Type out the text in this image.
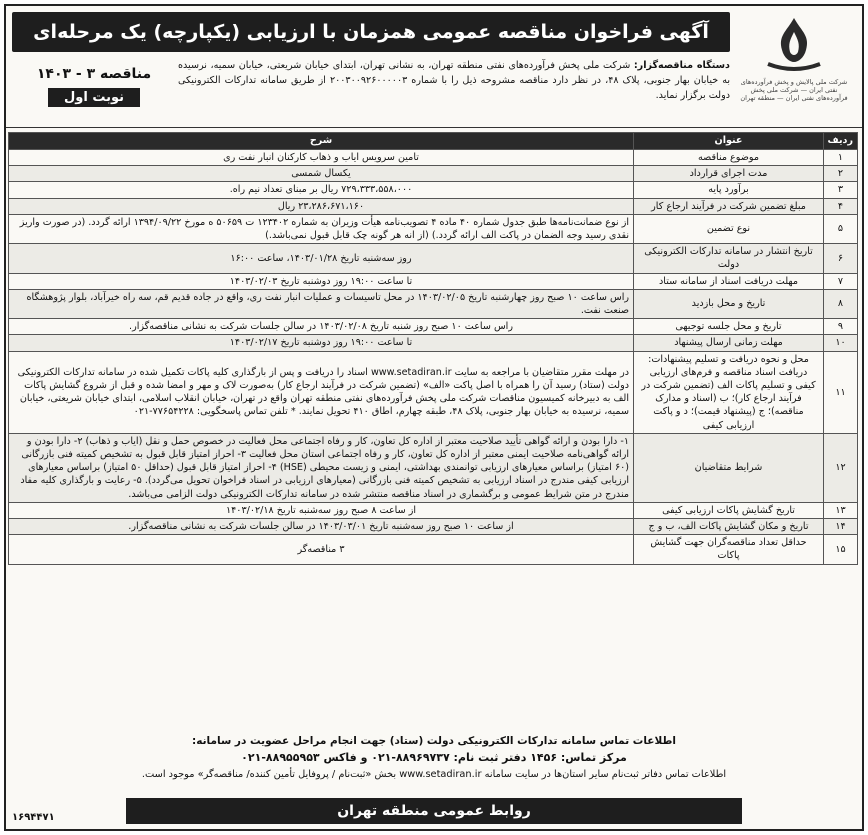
شرکت ملی پالایش و پخش فرآورده‌های نفتی ایران — شرکت ملی پخش فرآورده‌های نفتی ایران — منطقه تهران
آگهی فراخوان مناقصه عمومی همزمان با ارزیابی (یکپارچه) یک مرحله‌ای
دستگاه مناقصه‌گزار: شرکت ملی پخش فرآورده‌های نفتی منطقه تهران، به نشانی تهران، ابتدای خیابان شریعتی، خیابان سمیه، نرسیده به خیابان بهار جنوبی، پلاک ۴۸، در نظر دارد مناقصه مشروحه ذیل را با شماره ۲۰۰۳۰۰۹۲۶۰۰۰۰۰۳ از طریق سامانه تدارکات الکترونیکی دولت برگزار نماید.
مناقصه ۳ - ۱۴۰۳
نوبت اول
ردیف	عنوان	شرح
۱	موضوع مناقصه	تامین سرویس ایاب و ذهاب کارکنان انبار نفت ری
۲	مدت اجرای قرارداد	یکسال شمسی
۳	برآورد پایه	۷۲۹،۳۳۳،۵۵۸،۰۰۰ ریال بر مبنای تعداد نیم راه.
۴	مبلغ تضمین شرکت در فرآیند ارجاع کار	۲۳،۲۸۶،۶۷۱،۱۶۰ ریال
۵	نوع تضمین	از نوع ضمانت‌نامه‌ها طبق جدول شماره ۴۰ ماده ۴ تصویب‌نامه هیأت وزیران به شماره ۱۲۳۴۰۲ ت ۵۰۶۵۹ ه مورخ ۱۳۹۴/۰۹/۲۲ ارائه گردد. (در صورت واریز نقدی رسید وجه الضمان در پاکت الف ارائه گردد.) (از انه هر گونه چک قابل قبول نمی‌باشد.)
۶	تاریخ انتشار در سامانه تدارکات الکترونیکی دولت	روز سه‌شنبه تاریخ ۱۴۰۳/۰۱/۲۸، ساعت ۱۶:۰۰
۷	مهلت دریافت اسناد از سامانه ستاد	تا ساعت ۱۹:۰۰ روز دوشنبه تاریخ ۱۴۰۳/۰۲/۰۳
۸	تاریخ و محل بازدید	راس ساعت ۱۰ صبح روز چهارشنبه تاریخ ۱۴۰۳/۰۲/۰۵ در محل تاسیسات و عملیات انبار نفت ری، واقع در جاده قدیم قم، سه راه خیرآباد، بلوار پژوهشگاه صنعت نفت.
۹	تاریخ و محل جلسه توجیهی	راس ساعت ۱۰ صبح روز شنبه تاریخ ۱۴۰۳/۰۲/۰۸ در سالن جلسات شرکت به نشانی مناقصه‌گزار.
۱۰	مهلت زمانی ارسال پیشنهاد	تا ساعت ۱۹:۰۰ روز دوشنبه تاریخ ۱۴۰۳/۰۲/۱۷
۱۱	محل و نحوه دریافت و تسلیم پیشنهادات: دریافت اسناد مناقصه و فرم‌های ارزیابی کیفی و تسلیم پاکات الف (تضمین شرکت در فرآیند ارجاع کار)؛ ب (اسناد و مدارک مناقصه)؛ ج (پیشنهاد قیمت)؛ د و پاکت ارزیابی کیفی	در مهلت مقرر متقاضیان با مراجعه به سایت www.setadiran.ir اسناد را دریافت و پس از بارگذاری کلیه پاکات تکمیل شده در سامانه تدارکات الکترونیکی دولت (ستاد) رسید آن را همراه با اصل پاکت «الف» (تضمین شرکت در فرآیند ارجاع کار) به‌صورت لاک و مهر و امضا شده و قبل از شروع گشایش پاکات الف به دبیرخانه کمیسیون مناقصات شرکت ملی پخش فرآورده‌های نفتی منطقه تهران واقع در تهران، خیابان انقلاب اسلامی، ابتدای خیابان شریعتی، خیابان سمیه، نرسیده به خیابان بهار جنوبی، پلاک ۴۸، طبقه چهارم، اطاق ۴۱۰ تحویل نمایند. * تلفن تماس پاسخگویی: ۷۷۶۵۴۲۲۸-۰۲۱
۱۲	شرایط متقاضیان	۱- دارا بودن و ارائه گواهی تأیید صلاحیت معتبر از اداره کل تعاون، کار و رفاه اجتماعی محل فعالیت در خصوص حمل و نقل (ایاب و ذهاب) ۲- دارا بودن و ارائه گواهی‌نامه صلاحیت ایمنی معتبر از اداره کل تعاون، کار و رفاه اجتماعی استان محل فعالیت ۳- احراز امتیاز قابل قبول به تشخیص کمیته فنی بازرگانی (۶۰ امتیاز) براساس معیارهای ارزیابی توانمندی بهداشتی، ایمنی و زیست محیطی (HSE) ۴- احراز امتیاز قابل قبول (حداقل ۵۰ امتیاز) براساس معیارهای ارزیابی کیفی مندرج در اسناد ارزیابی به تشخیص کمیته فنی بازرگانی (معیارهای ارزیابی در اسناد فراخوان تحویل می‌گردد). ۵- رعایت و بارگذاری کلیه مفاد مندرج در متن شرایط عمومی و برگشماری در اسناد مناقصه منتشر شده در سامانه تدارکات الکترونیکی دولت الزامی می‌باشد.
۱۳	تاریخ گشایش پاکات ارزیابی کیفی	از ساعت ۸ صبح روز سه‌شنبه تاریخ ۱۴۰۳/۰۲/۱۸
۱۴	تاریخ و مکان گشایش پاکات الف، ب و ج	از ساعت ۱۰ صبح روز سه‌شنبه تاریخ ۱۴۰۳/۰۳/۰۱ در سالن جلسات شرکت به نشانی مناقصه‌گزار.
۱۵	حداقل تعداد مناقصه‌گران جهت گشایش پاکات	۳ مناقصه‌گر
اطلاعات تماس سامانه تدارکات الکترونیکی دولت (ستاد) جهت انجام مراحل عضویت در سامانه:
مرکز تماس: ۱۴۵۶ دفتر ثبت نام: ۸۸۹۶۹۷۳۷-۰۲۱ و فاکس ۸۸۹۵۵۹۵۳-۰۲۱
اطلاعات تماس دفاتر ثبت‌نام سایر استان‌ها در سایت سامانه www.setadiran.ir بخش «ثبت‌نام / پروفایل تأمین کننده/ مناقصه‌گر» موجود است.
روابط عمومی منطقه تهران
۱۶۹۴۴۷۱
